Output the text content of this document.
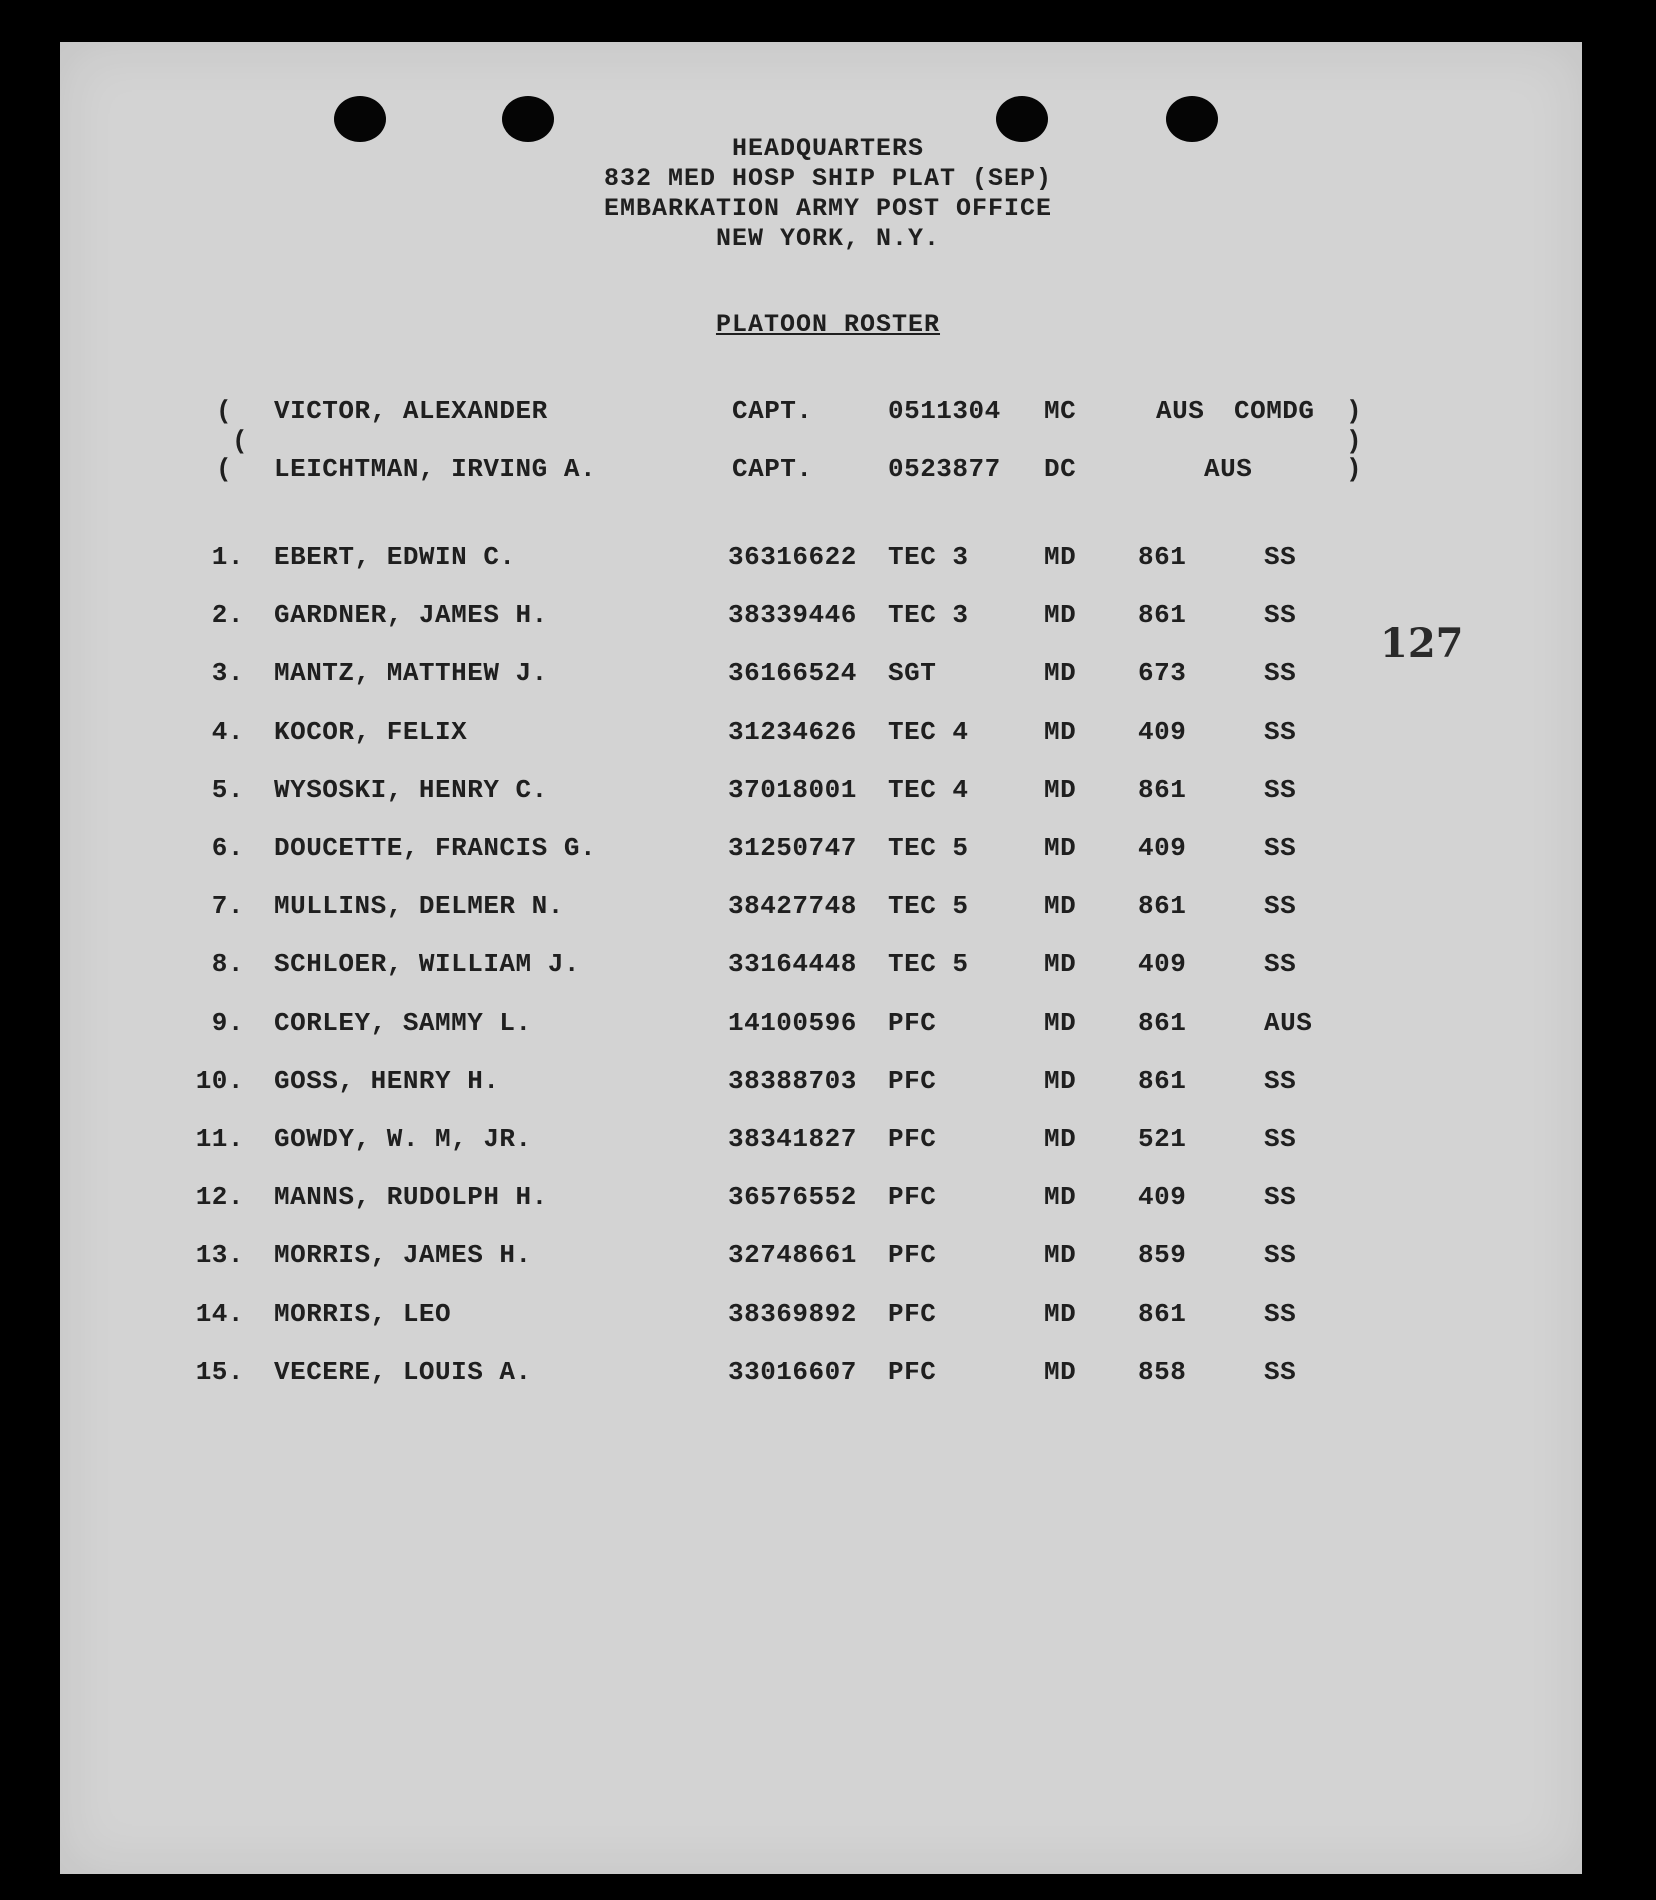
HEADQUARTERS
832 MED HOSP SHIP PLAT (SEP)
EMBARKATION ARMY POST OFFICE
NEW YORK, N.Y.
PLATOON ROSTER
127
( VICTOR, ALEXANDER	CAPT.	0511304 MC	AUS COMDG )
( LEICHTMAN, IRVING A.	CAPT.	0523877 DC	AUS	)
(	)
1. EBERT, EDWIN C.	36316622 TEC 3	MD 861	SS
2. GARDNER, JAMES H.	38339446 TEC 3	MD 861	SS
3. MANTZ, MATTHEW J.	36166524 SGT	MD 673	SS
4. KOCOR, FELIX	31234626 TEC 4	MD 409	SS
5. WYSOSKI, HENRY C.	37018001 TEC 4	MD 861	SS
6. DOUCETTE, FRANCIS G.	31250747 TEC 5	MD 409	SS
7. MULLINS, DELMER N.	38427748 TEC 5	MD 861	SS
8. SCHLOER, WILLIAM J.	33164448 TEC 5	MD 409	SS
9. CORLEY, SAMMY L.	14100596 PFC	MD 861	AUS
10. GOSS, HENRY H.	38388703 PFC	MD 861	SS
11. GOWDY, W. M, JR.	38341827 PFC	MD 521	SS
12. MANNS, RUDOLPH H.	36576552 PFC	MD 409	SS
13. MORRIS, JAMES H.	32748661 PFC	MD 859	SS
14. MORRIS, LEO	38369892 PFC	MD 861	SS
15. VECERE, LOUIS A.	33016607 PFC	MD 858	SS
